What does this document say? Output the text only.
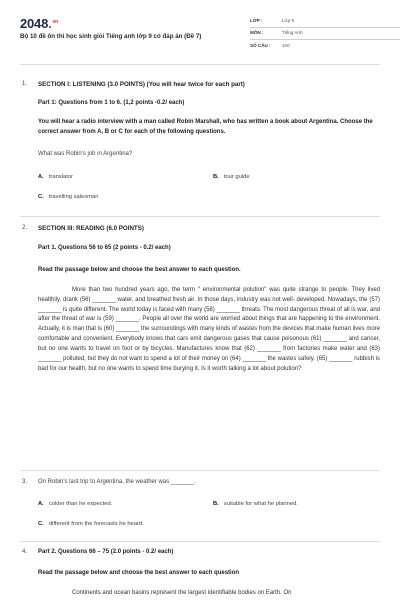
2048.$^{vn}$
Bộ 10 đề ôn thi học sinh giỏi Tiếng anh lớp 9 có đáp án (Đề 7)
LỚP :	Lớp 9
MÔN :	Tiếng Anh
SỐ CÂU :	100
1. SECTION I: LISTENING (3.0 POINTS) (You will hear twice for each part)
Part 1: Questions from 1 to 6. (1,2 points -0.2/ each)
You will hear a radio interview with a man called Robin Marshall, who has written a book about Argentina. Choose the correct answer from A, B or C for each of the following questions.
What was Robin's job in Argentina?
A. translator	B. tour guide
C. travelling salesman
2. SECTION III: READING (6.0 POINTS)
Part 1. Questions 56 to 65 (2 points - 0.2/ each)
Read the passage below and choose the best answer to each question.
More than two hundred years ago, the term " environmental polution" was quite strange to people. They lived healthily, drank (56) _______ water, and breathed fresh air. In those days, industry was not well- developed. Nowadays, the (57) _______ is quite different. The world today is faced with many (58) _______ threats. The most dangerous threat of all is war, and after the threat of war is (59) _______. People all over the world are worried about things that are happening to the environment. Actually, it is man that is (60) _______ the surroundings with many kinds of wastes from the devices that make human lives more comfortable and convenient. Everybody knows that cars emit dangerous gases that cause poisonous (61) _______ and cancer, but no one wants to travel on foot or by bicycles. Manufactures know that (62) _______ from factories make water and (63) _______ polluted, but they do not want to spend a lot of their money on (64) _______ the wastes safely. (65) _______ rubbish is bad for our health, but no one wants to spend time burying it. Is it worth talking a lot about polution?
3. On Robin's last trip to Argentina, the weather was _______.
A. colder than he expected.	B. suitable for what he planned.
C. different from the forecasts he heard.
4. Part 2. Questions 66 – 75 (2.0 points - 0.2/ each)
Read the passage below and choose the best answer to each question
Continents and ocean basins represent the largest identifiable bodies on Earth. On
